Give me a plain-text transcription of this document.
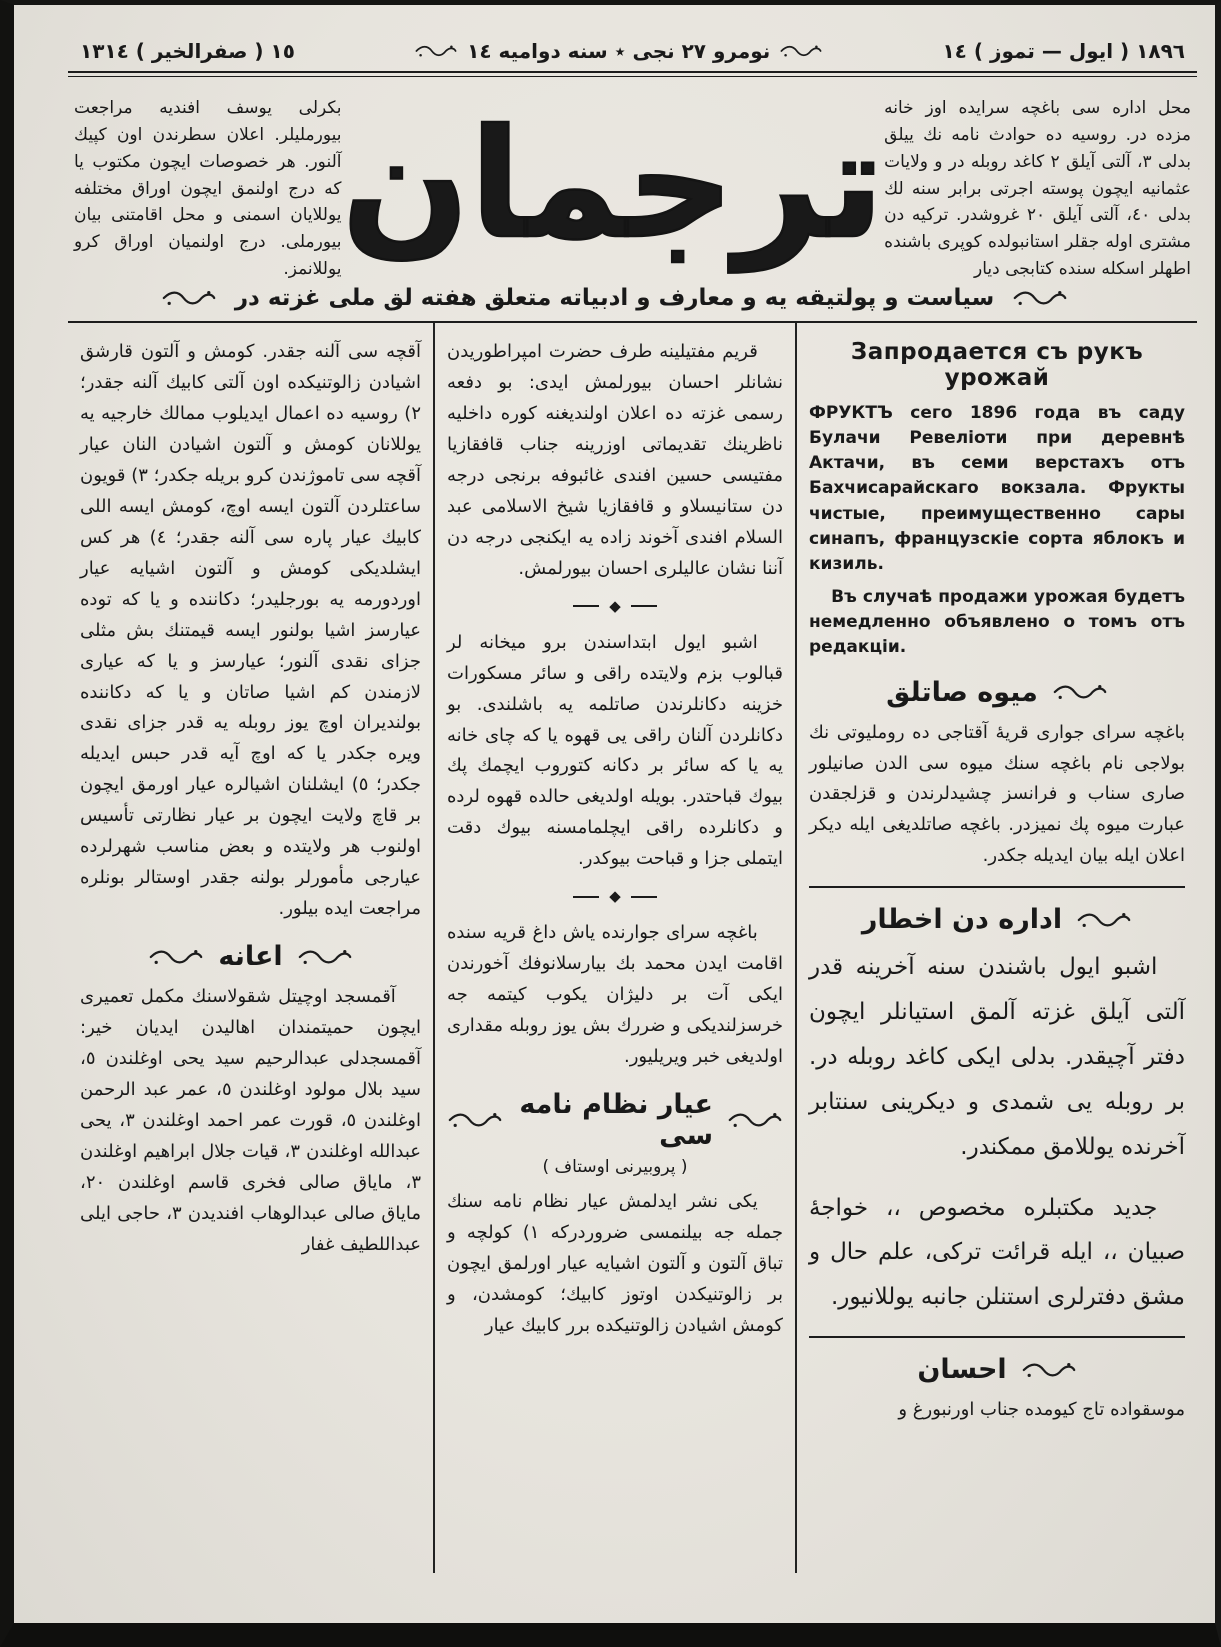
١٨٩٦ ( ايول — تموز ) ١٤
نومرو ٢٧ نجى ٭ سنه دواميه ١٤
١٥ ( صفرالخير ) ١٣١٤
محل اداره سى باغچه سرايده اوز خانه مزده در. روسيه ده حوادث نامه نك ييلق بدلى ٣، آلتى آيلق ٢ كاغد روبله در و ولايات عثمانيه ايچون پوسته اجرتى برابر سنه لك بدلى ٤٠، آلتى آيلق ٢٠ غروشدر. تركيه دن مشترى اوله جقلر استانبولده كوپرى باشنده اطهلر اسكله سنده كتابجى ديار
ترجمان
بكرلى يوسف افنديه مراجعت بيورمليلر. اعلان سطرندن اون كپيك آلنور. هر خصوصات ايچون مكتوب يا كه درج اولنمق ايچون اوراق مختلفه يوللايان اسمنى و محل اقامتنى بيان بيورملى. درج اولنميان اوراق كرو يوللانمز.
سياست و پولتيقه يه و معارف و ادبياته متعلق هفته لق ملى غزته در
Запродается съ рукъ урожай

ФРУКТЪ сего 1896 года въ саду Булачи Ревеліоти при деревнѣ Актачи, въ семи верстахъ отъ Бахчисарайскаго вокзала. Фрукты чистые, преимущественно сары синапъ, французскіе сорта яблокъ и кизиль.

Въ случаѣ продажи урожая будетъ немедленно объявлено о томъ отъ редакціи.

ميوه صاتلق

باغچه سراى جوارى قريهٔ آقتاجى ده رومليوتى نك بولاجى نام باغچه سنك ميوه سى الدن صانيلور صارى سناب و فرانسز چشيدلرندن و قزلجقدن عبارت ميوه پك نميزدر. باغچه صاتلديغى ايله ديكر اعلان ايله بيان ايديله جكدر.

اداره دن اخطار

اشبو ايول باشندن سنه آخرينه قدر آلتى آيلق غزته آلمق استيانلر ايچون دفتر آچيقدر. بدلى ايكى كاغد روبله در. بر روبله يى شمدى و ديكرينى سنتابر آخرنده يوللامق ممكندر.

جديد مكتبلره مخصوص ،، خواجهٔ صبيان ،، ايله قرائت تركى، علم حال و مشق دفترلرى استنلن جانبه يوللانيور.

احسان

موسقواده تاج كيومده جناب اورنبورغ و

قريم مفتيلينه طرف حضرت امپراطوريدن نشانلر احسان بيورلمش ايدى: بو دفعه رسمى غزته ده اعلان اولنديغنه كوره داخليه ناظرينك تقديماتى اوزرينه جناب قافقازيا مفتيسى حسين افندى غائبوفه برنجى درجه دن ستانيسلاو و قافقازيا شيخ الاسلامى عبد السلام افندى آخوند زاده يه ايكنجى درجه دن آننا نشان عاليلرى احسان بيورلمش.

◆

اشبو ايول ابتداسندن برو ميخانه لر قبالوب بزم ولايتده راقى و سائر مسكورات خزينه دكانلرندن صاتلمه يه باشلندى. بو دكانلردن آلنان راقى يى قهوه يا كه چاى خانه يه يا كه سائر بر دكانه كتوروب ايچمك پك بيوك قباحتدر. بويله اولديغى حالده قهوه لرده و دكانلرده راقى ايچلمامسنه بيوك دقت ايتملى جزا و قباحت بيوكدر.

◆

باغچه سراى جوارنده ياش داغ قريه سنده اقامت ايدن محمد بك بيارسلانوفك آخورندن ايكى آت بر دليژان يكوب كيتمه جه خرسزلنديكى و ضررك بش يوز روبله مقدارى اولديغى خبر ويريليور.

عيار نظام نامه سى
( پروبيرنى اوستاف )

يكى نشر ايدلمش عيار نظام نامه سنك جمله جه بيلنمسى ضروردركه ١) كولچه و تباق آلتون و آلتون اشيايه عيار اورلمق ايچون بر زالوتنيكدن اوتوز كابيك؛ كومشدن، و كومش اشيادن زالوتنيكده برر كابيك عيار

آقچه سى آلنه جقدر. كومش و آلتون قارشق اشيادن زالوتنيكده اون آلتى كابيك آلنه جقدر؛ ٢) روسيه ده اعمال ايديلوب ممالك خارجيه يه يوللانان كومش و آلتون اشيادن النان عيار آقچه سى تاموژندن كرو بريله جكدر؛ ٣) قويون ساعتلردن آلتون ايسه اوچ، كومش ايسه اللى كابيك عيار پاره سى آلنه جقدر؛ ٤) هر كس ايشلديكى كومش و آلتون اشيايه عيار اوردورمه يه بورجليدر؛ دكاننده و يا كه توده عيارسز اشيا بولنور ايسه قيمتنك بش مثلى جزاى نقدى آلنور؛ عيارسز و يا كه عيارى لازمندن كم اشيا صاتان و يا كه دكاننده بولنديران اوچ يوز روبله يه قدر جزاى نقدى ويره جكدر يا كه اوچ آيه قدر حبس ايديله جكدر؛ ٥) ايشلنان اشيالره عيار اورمق ايچون بر قاچ ولايت ايچون بر عيار نظارتى تأسيس اولنوب هر ولايتده و بعض مناسب شهرلرده عيارجى مأمورلر بولنه جقدر اوستالر بونلره مراجعت ايده بيلور.

اعانه

آقمسجد اوچيتل شقولاسنك مكمل تعميرى ايچون حميتمندان اهاليدن ايديان خير: آقمسجدلى عبدالرحيم سيد يحى اوغلندن ٥، سيد بلال مولود اوغلندن ٥، عمر عبد الرحمن اوغلندن ٥، قورت عمر احمد اوغلندن ٣، يحى عبدالله اوغلندن ٣، قيات جلال ابراهيم اوغلندن ٣، ماياق صالى فخرى قاسم اوغلندن ٢٠، ماياق صالى عبدالوهاب افنديدن ٣، حاجى ايلى عبداللطيف غفار
